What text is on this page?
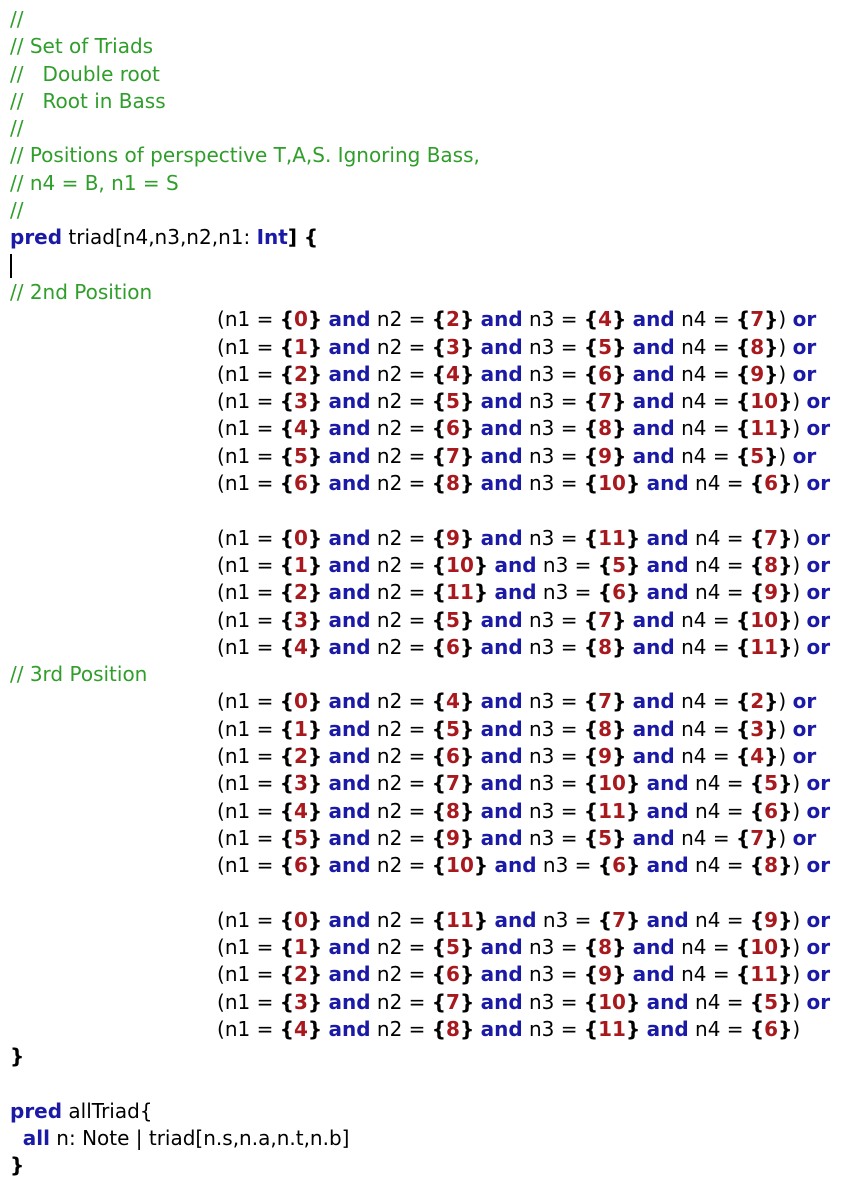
//
// Set of Triads
//   Double root
//   Root in Bass
//
// Positions of perspective T,A,S. Ignoring Bass,
// n4 = B, n1 = S
//
pred triad[n4,n3,n2,n1: Int] {
// 2nd Position
(n1 = {0} and n2 = {2} and n3 = {4} and n4 = {7}) or
(n1 = {1} and n2 = {3} and n3 = {5} and n4 = {8}) or
(n1 = {2} and n2 = {4} and n3 = {6} and n4 = {9}) or
(n1 = {3} and n2 = {5} and n3 = {7} and n4 = {10}) or
(n1 = {4} and n2 = {6} and n3 = {8} and n4 = {11}) or
(n1 = {5} and n2 = {7} and n3 = {9} and n4 = {5}) or
(n1 = {6} and n2 = {8} and n3 = {10} and n4 = {6}) or
(n1 = {0} and n2 = {9} and n3 = {11} and n4 = {7}) or
(n1 = {1} and n2 = {10} and n3 = {5} and n4 = {8}) or
(n1 = {2} and n2 = {11} and n3 = {6} and n4 = {9}) or
(n1 = {3} and n2 = {5} and n3 = {7} and n4 = {10}) or
(n1 = {4} and n2 = {6} and n3 = {8} and n4 = {11}) or
// 3rd Position
(n1 = {0} and n2 = {4} and n3 = {7} and n4 = {2}) or
(n1 = {1} and n2 = {5} and n3 = {8} and n4 = {3}) or
(n1 = {2} and n2 = {6} and n3 = {9} and n4 = {4}) or
(n1 = {3} and n2 = {7} and n3 = {10} and n4 = {5}) or
(n1 = {4} and n2 = {8} and n3 = {11} and n4 = {6}) or
(n1 = {5} and n2 = {9} and n3 = {5} and n4 = {7}) or
(n1 = {6} and n2 = {10} and n3 = {6} and n4 = {8}) or
(n1 = {0} and n2 = {11} and n3 = {7} and n4 = {9}) or
(n1 = {1} and n2 = {5} and n3 = {8} and n4 = {10}) or
(n1 = {2} and n2 = {6} and n3 = {9} and n4 = {11}) or
(n1 = {3} and n2 = {7} and n3 = {10} and n4 = {5}) or
(n1 = {4} and n2 = {8} and n3 = {11} and n4 = {6})
}
pred allTriad{
all n: Note | triad[n.s,n.a,n.t,n.b]
}
